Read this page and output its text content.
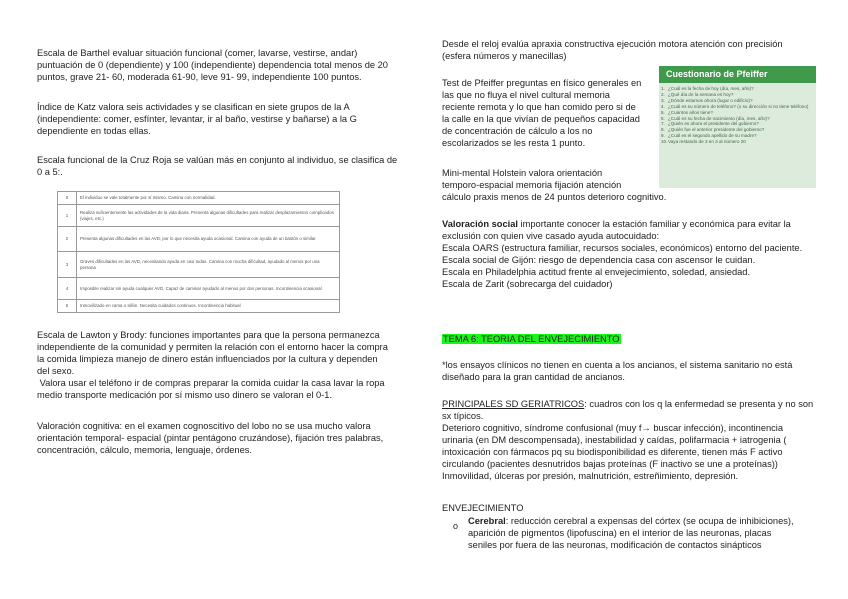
Escala de Barthel evaluar situación funcional (comer, lavarse, vestirse, andar)

puntuación de 0 (dependiente) y 100 (independiente) dependencia total menos de 20

puntos, grave 21- 60, moderada 61-90, leve 91- 99, independiente 100 puntos.

Índice de Katz valora seis actividades y se clasifican en siete grupos de la A

(independiente: comer, esfínter, levantar, ir al baño, vestirse y bañarse) a la G

dependiente en todas ellas.

Escala funcional de la Cruz Roja se valúan más en conjunto al individuo, se clasifica de

0 a 5:.

0	El individuo se vale totalmente por sí mismo. Camina con normalidad.
1	Realiza suficientemente las actividades de la vida diaria. Presenta algunas dificultades para realizar desplazamientos complicados (viajes, etc.)
2	Presenta algunas dificultades en las AVD, por lo que necesita ayuda ocasional. Camina con ayuda de un bastón o similar
3	Graves dificultades en las AVD, necesitando ayuda en casi todas. Camina con mucha dificultad, ayudado al menos por una persona
4	Imposible realizar sin ayuda cualquier AVD. Capaz de caminar ayudado al menos por dos personas. Incontinencia ocasional
5	Inmovilizado en cama o sillón. Necesita cuidados continuos. Incontinencia habitual

Escala de Lawton y Brody: funciones importantes para que la persona permanezca

independiente de la comunidad y permiten la relación con el entorno hacer la compra

la comida limpieza manejo de dinero están influenciados por la cultura y dependen

del sexo.

Valora usar el teléfono ir de compras preparar la comida cuidar la casa lavar la ropa

medio transporte medicación por sí mismo uso dinero se valoran el 0-1.

Valoración cognitiva: en el examen cognoscitivo del lobo no se usa mucho valora

orientación temporal- espacial (pintar pentágono cruzándose), fijación tres palabras,

concentración, cálculo, memoria, lenguaje, órdenes.

Desde el reloj evalúa apraxia constructiva ejecución motora atención con precisión

(esfera números y manecillas)

Test de Pfeiffer preguntas en físico generales en

las que no fluya el nivel cultural memoria

reciente remota y lo que han comido pero si de

la calle en la que vivían de pequeños capacidad

de concentración de cálculo a los no

escolarizados se les resta 1 punto.

Cuestionario de Pfeiffer
1. ¿Cuál es la fecha de hoy (día, mes, año)?
2. ¿Qué día de la semana es hoy?
3. ¿Dónde estamos ahora (lugar o edificio)?
4. ¿Cuál es su número de teléfono? (o su dirección si no tiene teléfono)
5. ¿Cuántos años tiene?
6. ¿Cuál es su fecha de nacimiento (día, mes, año)?
7. ¿Quién es ahora el presidente del gobierno?
8. ¿Quién fue el anterior presidente del gobierno?
9. ¿Cuál es el segundo apellido de su madre?
10. Vaya restando de 3 en 3 al número 20

Mini-mental Holstein valora orientación

temporo-espacial memoria fijación atención

cálculo praxis menos de 24 puntos deterioro cognitivo.

Valoración social importante conocer la estación familiar y económica para evitar la

exclusión con quien vive casado ayuda autocuidado:

Escala OARS (estructura familiar, recursos sociales, económicos) entorno del paciente.

Escala social de Gijón: riesgo de dependencia casa con ascensor le cuidan.

Escala en Philadelphia actitud frente al envejecimiento, soledad, ansiedad.

Escala de Zarit (sobrecarga del cuidador)

TEMA 6: TEORIA DEL ENVEJECIMIENTO

*los ensayos clínicos no tienen en cuenta a los ancianos, el sistema sanitario no está

diseñado para la gran cantidad de ancianos.

PRINCIPALES SD GERIATRICOS: cuadros con los q la enfermedad se presenta y no son

sx típicos.

Deterioro cognitivo, síndrome confusional (muy f→ buscar infección), incontinencia

urinaria (en DM descompensada), inestabilidad y caídas, polifarmacia + iatrogenia (

intoxicación con fármacos pq su biodisponibilidad es diferente, tienen más F activo

circulando (pacientes desnutridos bajas proteínas (F inactivo se une a proteínas))

Inmovilidad, úlceras por presión, malnutrición, estreñimiento, depresión.

ENVEJECIMIENTO
o Cerebral: reducción cerebral a expensas del córtex (se ocupa de inhibiciones),

aparición de pigmentos (lipofuscina) en el interior de las neuronas, placas

seniles por fuera de las neuronas, modificación de contactos sinápticos
